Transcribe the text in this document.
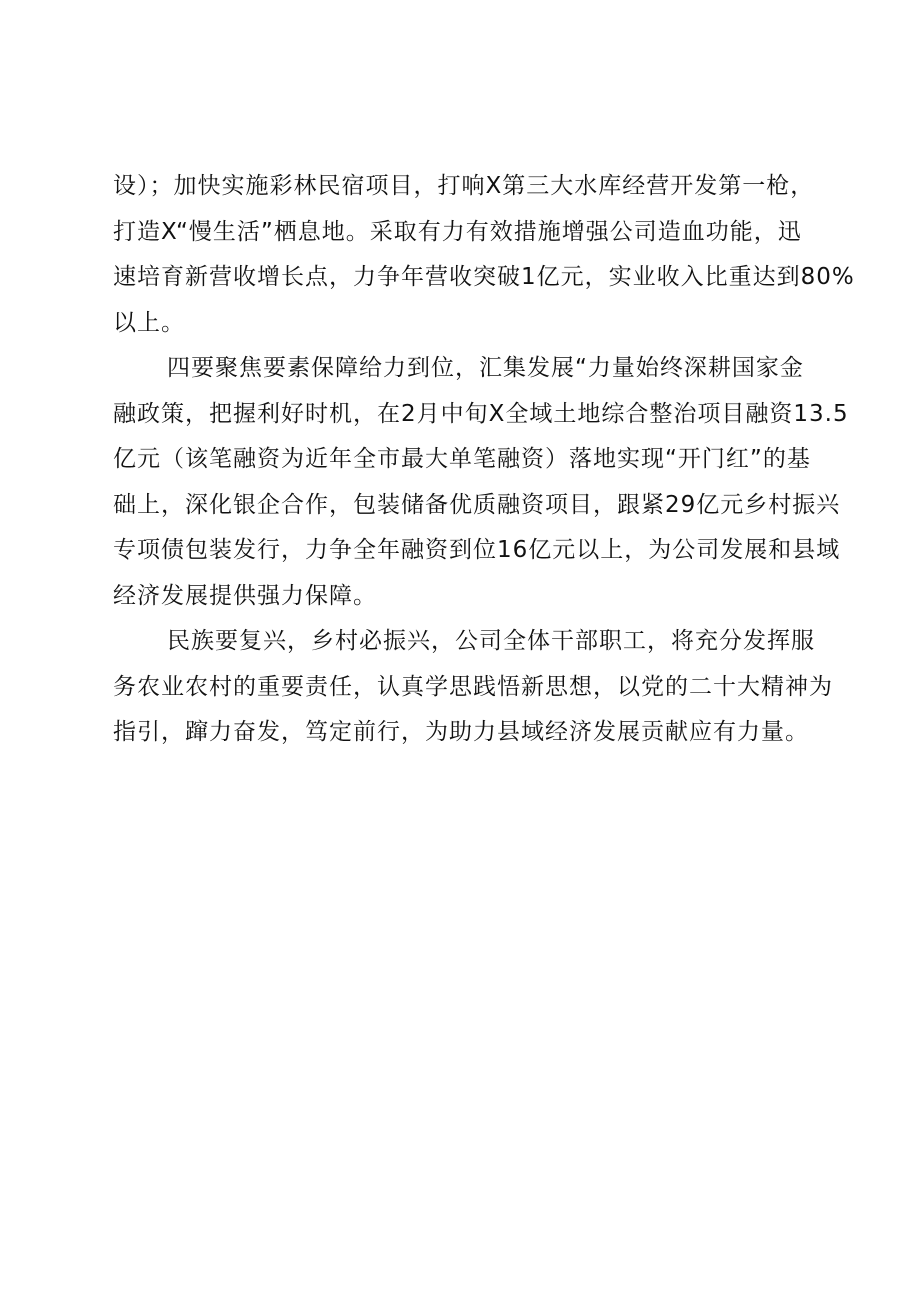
设）；加快实施彩林民宿项目，打响X第三大水库经营开发第一枪，
打造X“慢生活”栖息地。采取有力有效措施增强公司造血功能，迅
速培育新营收增长点，力争年营收突破1亿元，实业收入比重达到80%
以上。
四要聚焦要素保障给力到位，汇集发展“力量始终深耕国家金
融政策，把握利好时机，在2月中旬X全域土地综合整治项目融资13.5
亿元（该笔融资为近年全市最大单笔融资）落地实现“开门红”的基
础上，深化银企合作，包装储备优质融资项目，跟紧29亿元乡村振兴
专项债包装发行，力争全年融资到位16亿元以上，为公司发展和县域
经济发展提供强力保障。
民族要复兴，乡村必振兴，公司全体干部职工，将充分发挥服
务农业农村的重要责任，认真学思践悟新思想，以党的二十大精神为
指引，蹿力奋发，笃定前行，为助力县域经济发展贡献应有力量。
